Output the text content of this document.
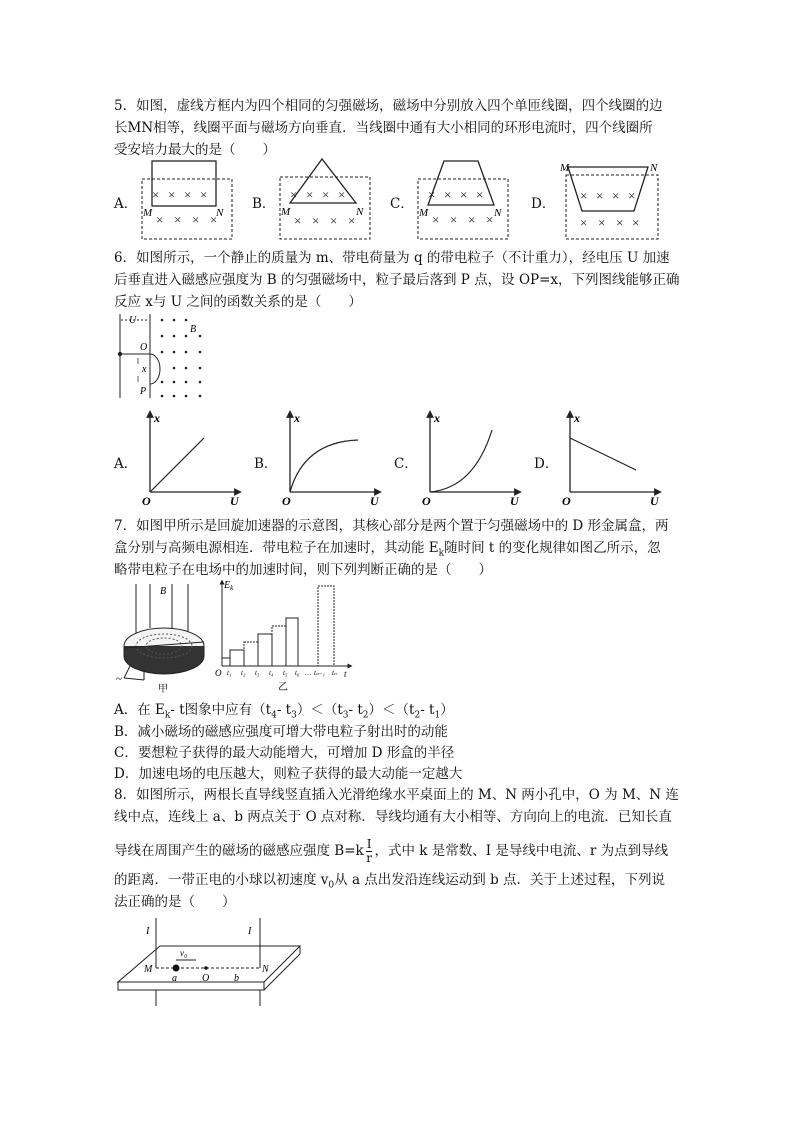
5．如图，虚线方框内为四个相同的匀强磁场，磁场中分别放入四个单匝线圈，四个线圈的边
长MN相等，线圈平面与磁场方向垂直．当线圈中通有大小相同的环形电流时，四个线圈所
受安培力最大的是（　　）
A．	B．	C．	D．
× × × ×
× × × ×
M	N
× × × ×
× × × ×
M	N
× × × ×
× × × ×
M	N
× × × ×
× × × ×
M	N
6．如图所示，一个静止的质量为 m、带电荷量为 q 的带电粒子（不计重力），经电压 U 加速
后垂直进入磁感应强度为 B 的匀强磁场中，粒子最后落到 P 点，设 OP=x，下列图线能够正确
反应 x与 U 之间的函数关系的是（　　）
U
O
x
P
B
A．	B．	C．	D．
x
O	U
x
O	U
x
O	U
x
O	U
7．如图甲所示是回旋加速器的示意图，其核心部分是两个置于匀强磁场中的 D 形金属盒，两
盒分别与高频电源相连．带电粒子在加速时，其动能 $E_k$随时间 t 的变化规律如图乙所示，忽
略带电粒子在电场中的加速时间，则下列判断正确的是（　　）
B
~
甲
$E_k$
O	t
t₁ t₂ t₃ t₄ t₅ t₆ … tₙ₋₁ tₙ
乙
A．在 $E_k-$ t图象中应有（$t_4-$ $t_3)<(t_3-$ $t_2)<(t_2-$ $t_1$）
B．减小磁场的磁感应强度可增大带电粒子射出时的动能
C．要想粒子获得的最大动能增大，可增加 D 形盒的半径
D．加速电场的电压越大，则粒子获得的最大动能一定越大
8．如图所示，两根长直导线竖直插入光滑绝缘水平桌面上的 M、N 两小孔中，O 为 M、N 连
线中点，连线上 a、b 两点关于 O 点对称．导线均通有大小相等、方向向上的电流．已知长直
导线在周围产生的磁场的磁感应强度 $B=k \frac{I}{r}$ ，式中 k 是常数、I 是导线中电流、r 为点到导线
的距离．一带正电的小球以初速度 $v_0$从 a 点出发沿连线运动到 b 点．关于上述过程，下列说
法正确的是（　　）
I	I
v₀
M	N
a	O b
